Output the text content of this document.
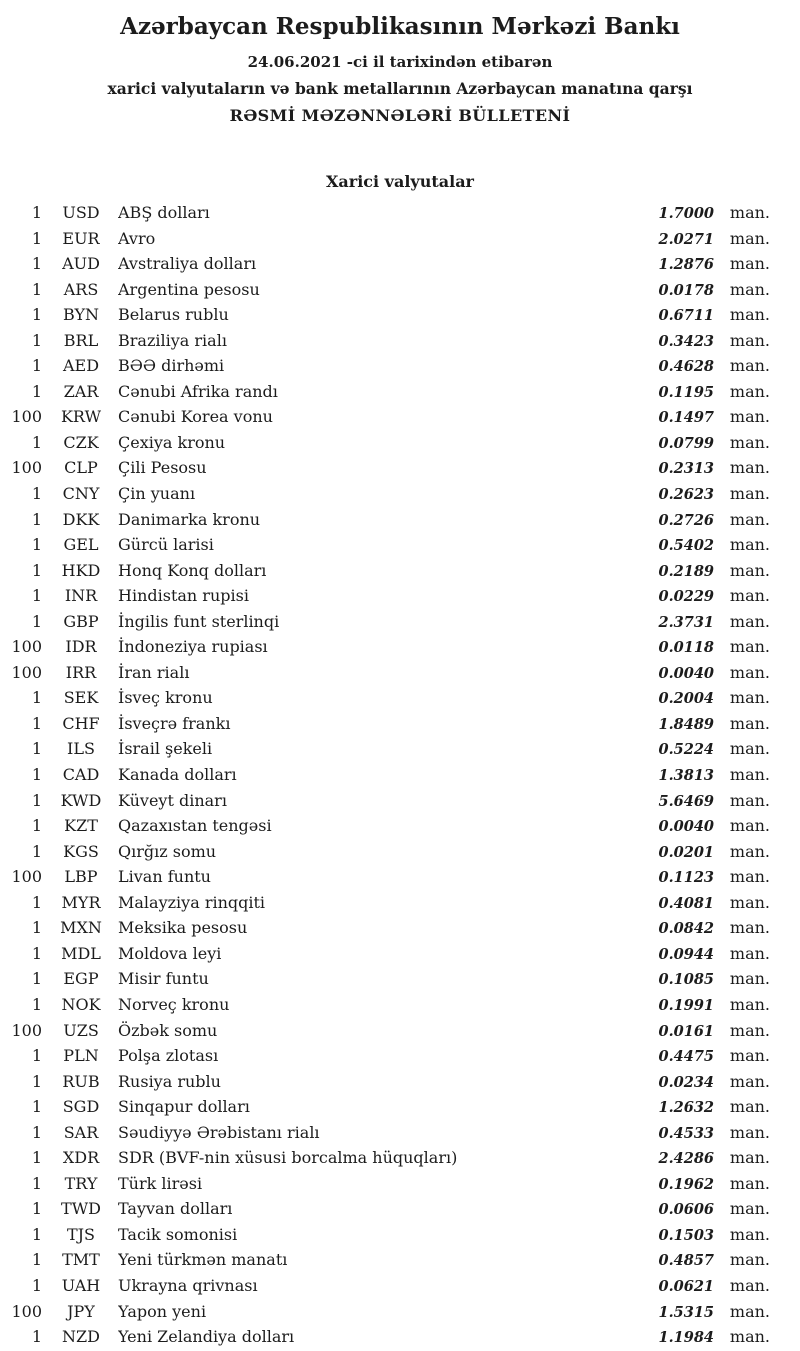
Azərbaycan Respublikasının Mərkəzi Bankı
24.06.2021 -ci il tarixindən etibarən
xarici valyutaların və bank metallarının Azərbaycan manatına qarşı
RƏSMİ MƏZƏNNƏLƏRİ BÜLLETENİ
Xarici valyutalar
1	USD	ABŞ dolları	1.7000 man.
1	EUR	Avro	2.0271 man.
1	AUD	Avstraliya dolları	1.2876 man.
1	ARS	Argentina pesosu	0.0178 man.
1	BYN	Belarus rublu	0.6711 man.
1	BRL	Braziliya rialı	0.3423 man.
1	AED	BƏƏ dirhəmi	0.4628 man.
1	ZAR	Cənubi Afrika randı	0.1195 man.
100	KRW	Cənubi Korea vonu	0.1497 man.
1	CZK	Çexiya kronu	0.0799 man.
100	CLP	Çili Pesosu	0.2313 man.
1	CNY	Çin yuanı	0.2623 man.
1	DKK	Danimarka kronu	0.2726 man.
1	GEL	Gürcü larisi	0.5402 man.
1	HKD	Honq Konq dolları	0.2189 man.
1	INR	Hindistan rupisi	0.0229 man.
1	GBP	İngilis funt sterlinqi	2.3731 man.
100	IDR	İndoneziya rupiası	0.0118 man.
100	IRR	İran rialı	0.0040 man.
1	SEK	İsveç kronu	0.2004 man.
1	CHF	İsveçrə frankı	1.8489 man.
1	ILS	İsrail şekeli	0.5224 man.
1	CAD	Kanada dolları	1.3813 man.
1	KWD	Küveyt dinarı	5.6469 man.
1	KZT	Qazaxıstan tengəsi	0.0040 man.
1	KGS	Qırğız somu	0.0201 man.
100	LBP	Livan funtu	0.1123 man.
1	MYR	Malayziya rinqqiti	0.4081 man.
1	MXN	Meksika pesosu	0.0842 man.
1	MDL	Moldova leyi	0.0944 man.
1	EGP	Misir funtu	0.1085 man.
1	NOK	Norveç kronu	0.1991 man.
100	UZS	Özbək somu	0.0161 man.
1	PLN	Polşa zlotası	0.4475 man.
1	RUB	Rusiya rublu	0.0234 man.
1	SGD	Sinqapur dolları	1.2632 man.
1	SAR	Səudiyyə Ərəbistanı rialı	0.4533 man.
1	XDR	SDR (BVF-nin xüsusi borcalma hüquqları)	2.4286 man.
1	TRY	Türk lirəsi	0.1962 man.
1	TWD	Tayvan dolları	0.0606 man.
1	TJS	Tacik somonisi	0.1503 man.
1	TMT	Yeni türkmən manatı	0.4857 man.
1	UAH	Ukrayna qrivnası	0.0621 man.
100	JPY	Yapon yeni	1.5315 man.
1	NZD	Yeni Zelandiya dolları	1.1984 man.
